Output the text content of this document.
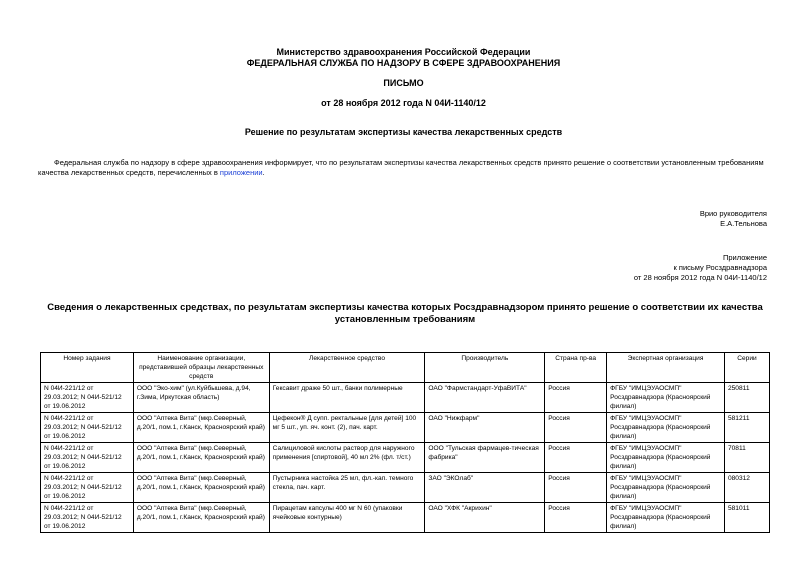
Министерство здравоохранения Российской Федерации
ФЕДЕРАЛЬНАЯ СЛУЖБА ПО НАДЗОРУ В СФЕРЕ ЗДРАВООХРАНЕНИЯ
ПИСЬМО
от 28 ноября 2012 года N 04И-1140/12
Решение по результатам экспертизы качества лекарственных средств
Федеральная служба по надзору в сфере здравоохранения информирует, что по результатам экспертизы качества лекарственных средств принято решение о соответствии установленным требованиям качества лекарственных средств, перечисленных в приложении.
Врио руководителя
Е.А.Тельнова
Приложение
к письму Росздравнадзора
от 28 ноября 2012 года N 04И-1140/12
Сведения о лекарственных средствах, по результатам экспертизы качества которых Росздравнадзором принято решение о соответствии их качества установленным требованиям
Номер задания	Наименование организации, представившей образцы лекарственных средств	Лекарственное средство	Производитель	Страна пр-ва	Экспертная организация	Серии
N 04И-221/12 от 29.03.2012; N 04И-521/12 от 19.06.2012	ООО "Эко-хим" (ул.Куйбышева, д.94, г.Зима, Иркутская область)	Гексавит драже 50 шт., банки полимерные	ОАО "Фармстандарт-УфаВИТА"	Россия	ФГБУ "ИМЦЭУАОСМП" Росздравнадзора (Красноярский филиал)	250811
N 04И-221/12 от 29.03.2012; N 04И-521/12 от 19.06.2012	ООО "Аптека Вита" (мкр.Северный, д.20/1, пом.1, г.Канск, Красноярский край)	Цефекон® Д супп. ректальные [для детей] 100 мг 5 шт., уп. яч. конт. (2), пач. карт.	ОАО "Нижфарм"	Россия	ФГБУ "ИМЦЭУАОСМП" Росздравнадзора (Красноярский филиал)	581211
N 04И-221/12 от 29.03.2012; N 04И-521/12 от 19.06.2012	ООО "Аптека Вита" (мкр.Северный, д.20/1, пом.1, г.Канск, Красноярский край)	Салициловой кислоты раствор для наружного применения [спиртовой], 40 мл 2% (фл. т/ст.)	ООО "Тульская фармацев-тическая фабрика"	Россия	ФГБУ "ИМЦЭУАОСМП" Росздравнадзора (Красноярский филиал)	70811
N 04И-221/12 от 29.03.2012; N 04И-521/12 от 19.06.2012	ООО "Аптека Вита" (мкр.Северный, д.20/1, пом.1, г.Канск, Красноярский край)	Пустырника настойка 25 мл, фл.-кап. темного стекла, пач. карт.	ЗАО "ЭКОлаб"	Россия	ФГБУ "ИМЦЭУАОСМП" Росздравнадзора (Красноярский филиал)	080312
N 04И-221/12 от 29.03.2012; N 04И-521/12 от 19.06.2012	ООО "Аптека Вита" (мкр.Северный, д.20/1, пом.1, г.Канск, Красноярский край)	Пирацетам капсулы 400 мг N 60 (упаковки ячейковые контурные)	ОАО "ХФК "Акрихин"	Россия	ФГБУ "ИМЦЭУАОСМП" Росздравнадзора (Красноярский филиал)	581011
